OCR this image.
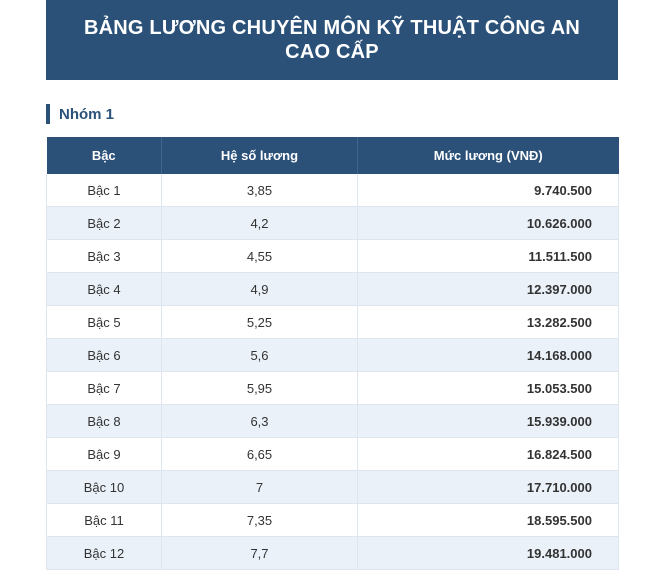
BẢNG LƯƠNG CHUYÊN MÔN KỸ THUẬT CÔNG AN CAO CẤP
Nhóm 1
Bậc	Hệ số lương	Mức lương (VNĐ)
Bậc 1	3,85	9.740.500
Bậc 2	4,2	10.626.000
Bậc 3	4,55	11.511.500
Bậc 4	4,9	12.397.000
Bậc 5	5,25	13.282.500
Bậc 6	5,6	14.168.000
Bậc 7	5,95	15.053.500
Bậc 8	6,3	15.939.000
Bậc 9	6,65	16.824.500
Bậc 10	7	17.710.000
Bậc 11	7,35	18.595.500
Bậc 12	7,7	19.481.000
